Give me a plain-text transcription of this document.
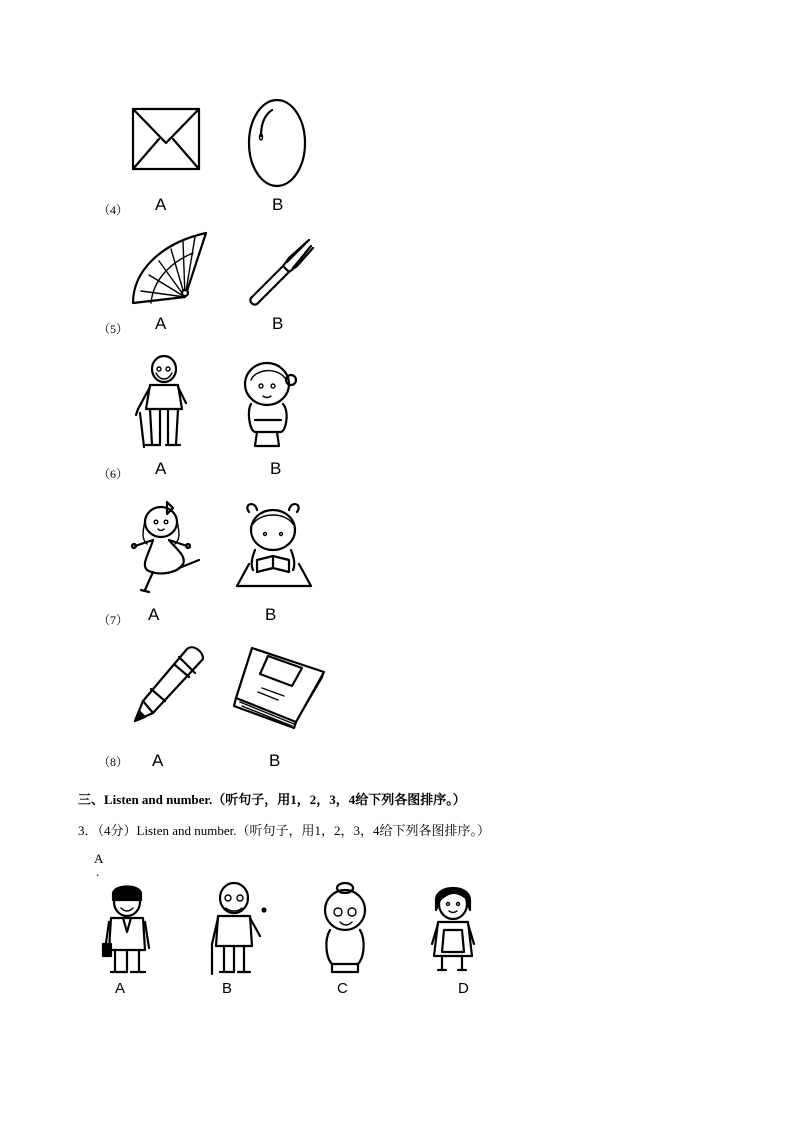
（4） A	B
（5） A	B
（6） A	B
（7） A	B
（8） A	B
三、Listen and number.（听句子，用1，2，3，4给下列各图排序。）
3．（4分）Listen and number.（听句子，用1，2，3，4给下列各图排序。）
A
.
A	B	C	D
